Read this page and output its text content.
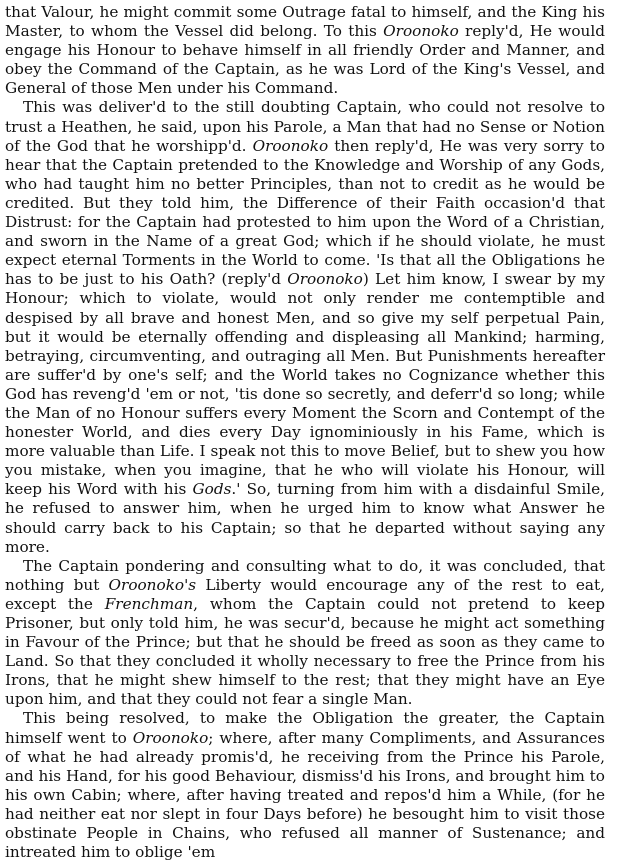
that Valour, he might commit some Outrage fatal to himself, and the King his Master, to whom the Vessel did belong. To this Oroonoko reply'd, He would engage his Honour to behave himself in all friendly Order and Manner, and obey the Command of the Captain, as he was Lord of the King's Vessel, and General of those Men under his Command.

This was deliver'd to the still doubting Captain, who could not resolve to trust a Heathen, he said, upon his Parole, a Man that had no Sense or Notion of the God that he worshipp'd. Oroonoko then reply'd, He was very sorry to hear that the Captain pretended to the Knowledge and Worship of any Gods, who had taught him no better Principles, than not to credit as he would be credited. But they told him, the Difference of their Faith occasion'd that Distrust: for the Captain had protested to him upon the Word of a Christian, and sworn in the Name of a great God; which if he should violate, he must expect eternal Torments in the World to come. 'Is that all the Obligations he has to be just to his Oath? (reply'd Oroonoko) Let him know, I swear by my Honour; which to violate, would not only render me contemptible and despised by all brave and honest Men, and so give my self perpetual Pain, but it would be eternally offending and displeasing all Mankind; harming, betraying, circumventing, and outraging all Men. But Punishments hereafter are suffer'd by one's self; and the World takes no Cognizance whether this God has reveng'd 'em or not, 'tis done so secretly, and deferr'd so long; while the Man of no Honour suffers every Moment the Scorn and Contempt of the honester World, and dies every Day ignominiously in his Fame, which is more valuable than Life. I speak not this to move Belief, but to shew you how you mistake, when you imagine, that he who will violate his Honour, will keep his Word with his Gods.' So, turning from him with a disdainful Smile, he refused to answer him, when he urged him to know what Answer he should carry back to his Captain; so that he departed without saying any more.

The Captain pondering and consulting what to do, it was concluded, that nothing but Oroonoko's Liberty would encourage any of the rest to eat, except the Frenchman, whom the Captain could not pretend to keep Prisoner, but only told him, he was secur'd, because he might act something in Favour of the Prince; but that he should be freed as soon as they came to Land. So that they concluded it wholly necessary to free the Prince from his Irons, that he might shew himself to the rest; that they might have an Eye upon him, and that they could not fear a single Man.

This being resolved, to make the Obligation the greater, the Captain himself went to Oroonoko; where, after many Compliments, and Assurances of what he had already promis'd, he receiving from the Prince his Parole, and his Hand, for his good Behaviour, dismiss'd his Irons, and brought him to his own Cabin; where, after having treated and repos'd him a While, (for he had neither eat nor slept in four Days before) he besought him to visit those obstinate People in Chains, who refused all manner of Sustenance; and intreated him to oblige 'em
